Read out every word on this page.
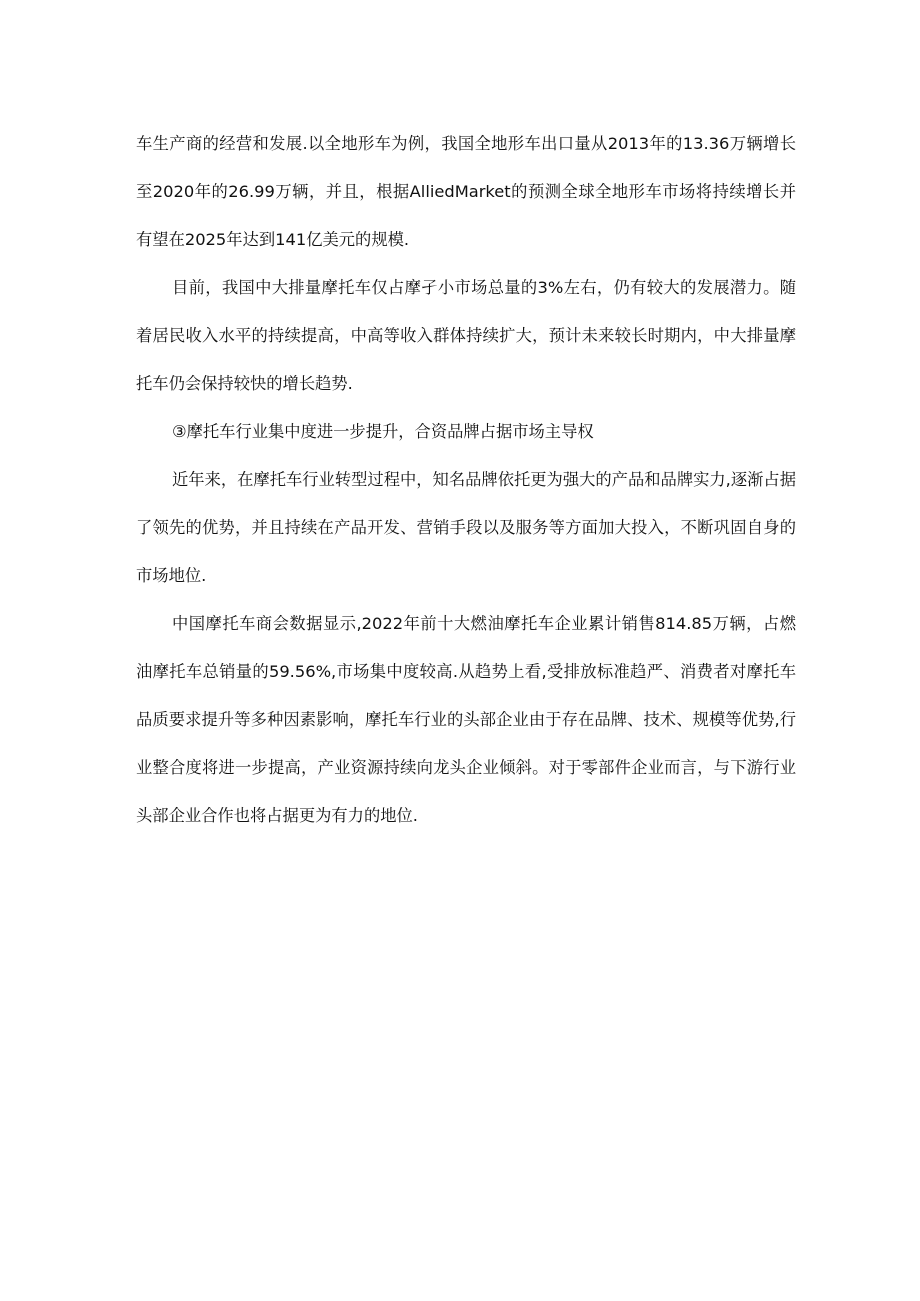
车生产商的经营和发展.以全地形车为例，我国全地形车出口量从2013年的13.36万辆增长至2020年的26.99万辆，并且，根据AlliedMarket的预测全球全地形车市场将持续增长并有望在2025年达到141亿美元的规模.

目前，我国中大排量摩托车仅占摩孑小市场总量的3%左右，仍有较大的发展潜力。随着居民收入水平的持续提高，中高等收入群体持续扩大，预计未来较长时期内，中大排量摩托车仍会保持较快的增长趋势.

③摩托车行业集中度进一步提升，合资品牌占据市场主导权

近年来，在摩托车行业转型过程中，知名品牌依托更为强大的产品和品牌实力,逐渐占据了领先的优势，并且持续在产品开发、营销手段以及服务等方面加大投入，不断巩固自身的市场地位.

中国摩托车商会数据显示,2022年前十大燃油摩托车企业累计销售814.85万辆，占燃油摩托车总销量的59.56%,市场集中度较高.从趋势上看,受排放标准趋严、消费者对摩托车品质要求提升等多种因素影响，摩托车行业的头部企业由于存在品牌、技术、规模等优势,行业整合度将进一步提高，产业资源持续向龙头企业倾斜。对于零部件企业而言，与下游行业头部企业合作也将占据更为有力的地位.
